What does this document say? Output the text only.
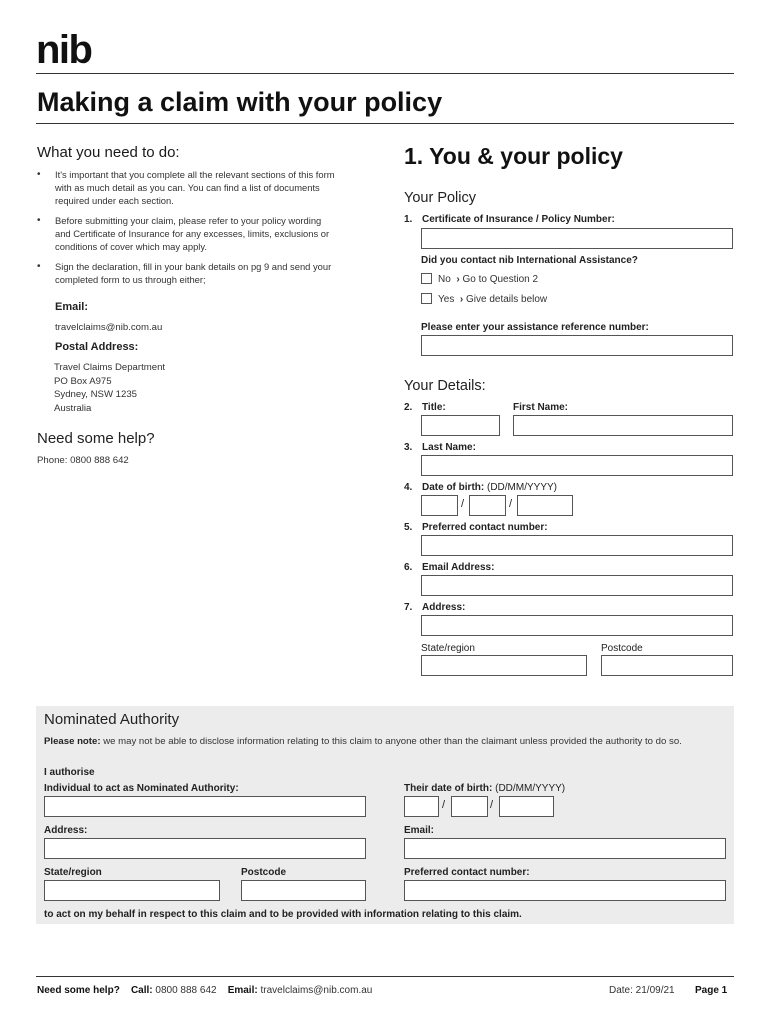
nib
Making a claim with your policy
What you need to do:
• It's important that you complete all the relevant sections of this form with as much detail as you can. You can find a list of documents required under each section.
• Before submitting your claim, please refer to your policy wording and Certificate of Insurance for any excesses, limits, exclusions or conditions of cover which may apply.
• Sign the declaration, fill in your bank details on pg 9 and send your completed form to us through either;
Email:
travelclaims@nib.com.au
Postal Address:
Travel Claims Department
PO Box A975
Sydney, NSW 1235
Australia
Need some help?
Phone: 0800 888 642
1. You & your policy
Your Policy
1. Certificate of Insurance / Policy Number:
Did you contact nib International Assistance?
No  › Go to Question 2
Yes  › Give details below
Please enter your assistance reference number:
Your Details:
2. Title:	First Name:
3. Last Name:
4. Date of birth: (DD/MM/YYYY)
/	/
5. Preferred contact number:
6. Email Address:
7. Address:
State/region	Postcode
Nominated Authority
Please note: we may not be able to disclose information relating to this claim to anyone other than the claimant unless provided the authority to do so.
I authorise
Individual to act as Nominated Authority:	Their date of birth: (DD/MM/YYYY)
/	/
Address:	Email:
State/region	Postcode	Preferred contact number:
to act on my behalf in respect to this claim and to be provided with information relating to this claim.
Need some help? Call: 0800 888 642 Email: travelclaims@nib.com.au	Date: 21/09/21 Page 1
